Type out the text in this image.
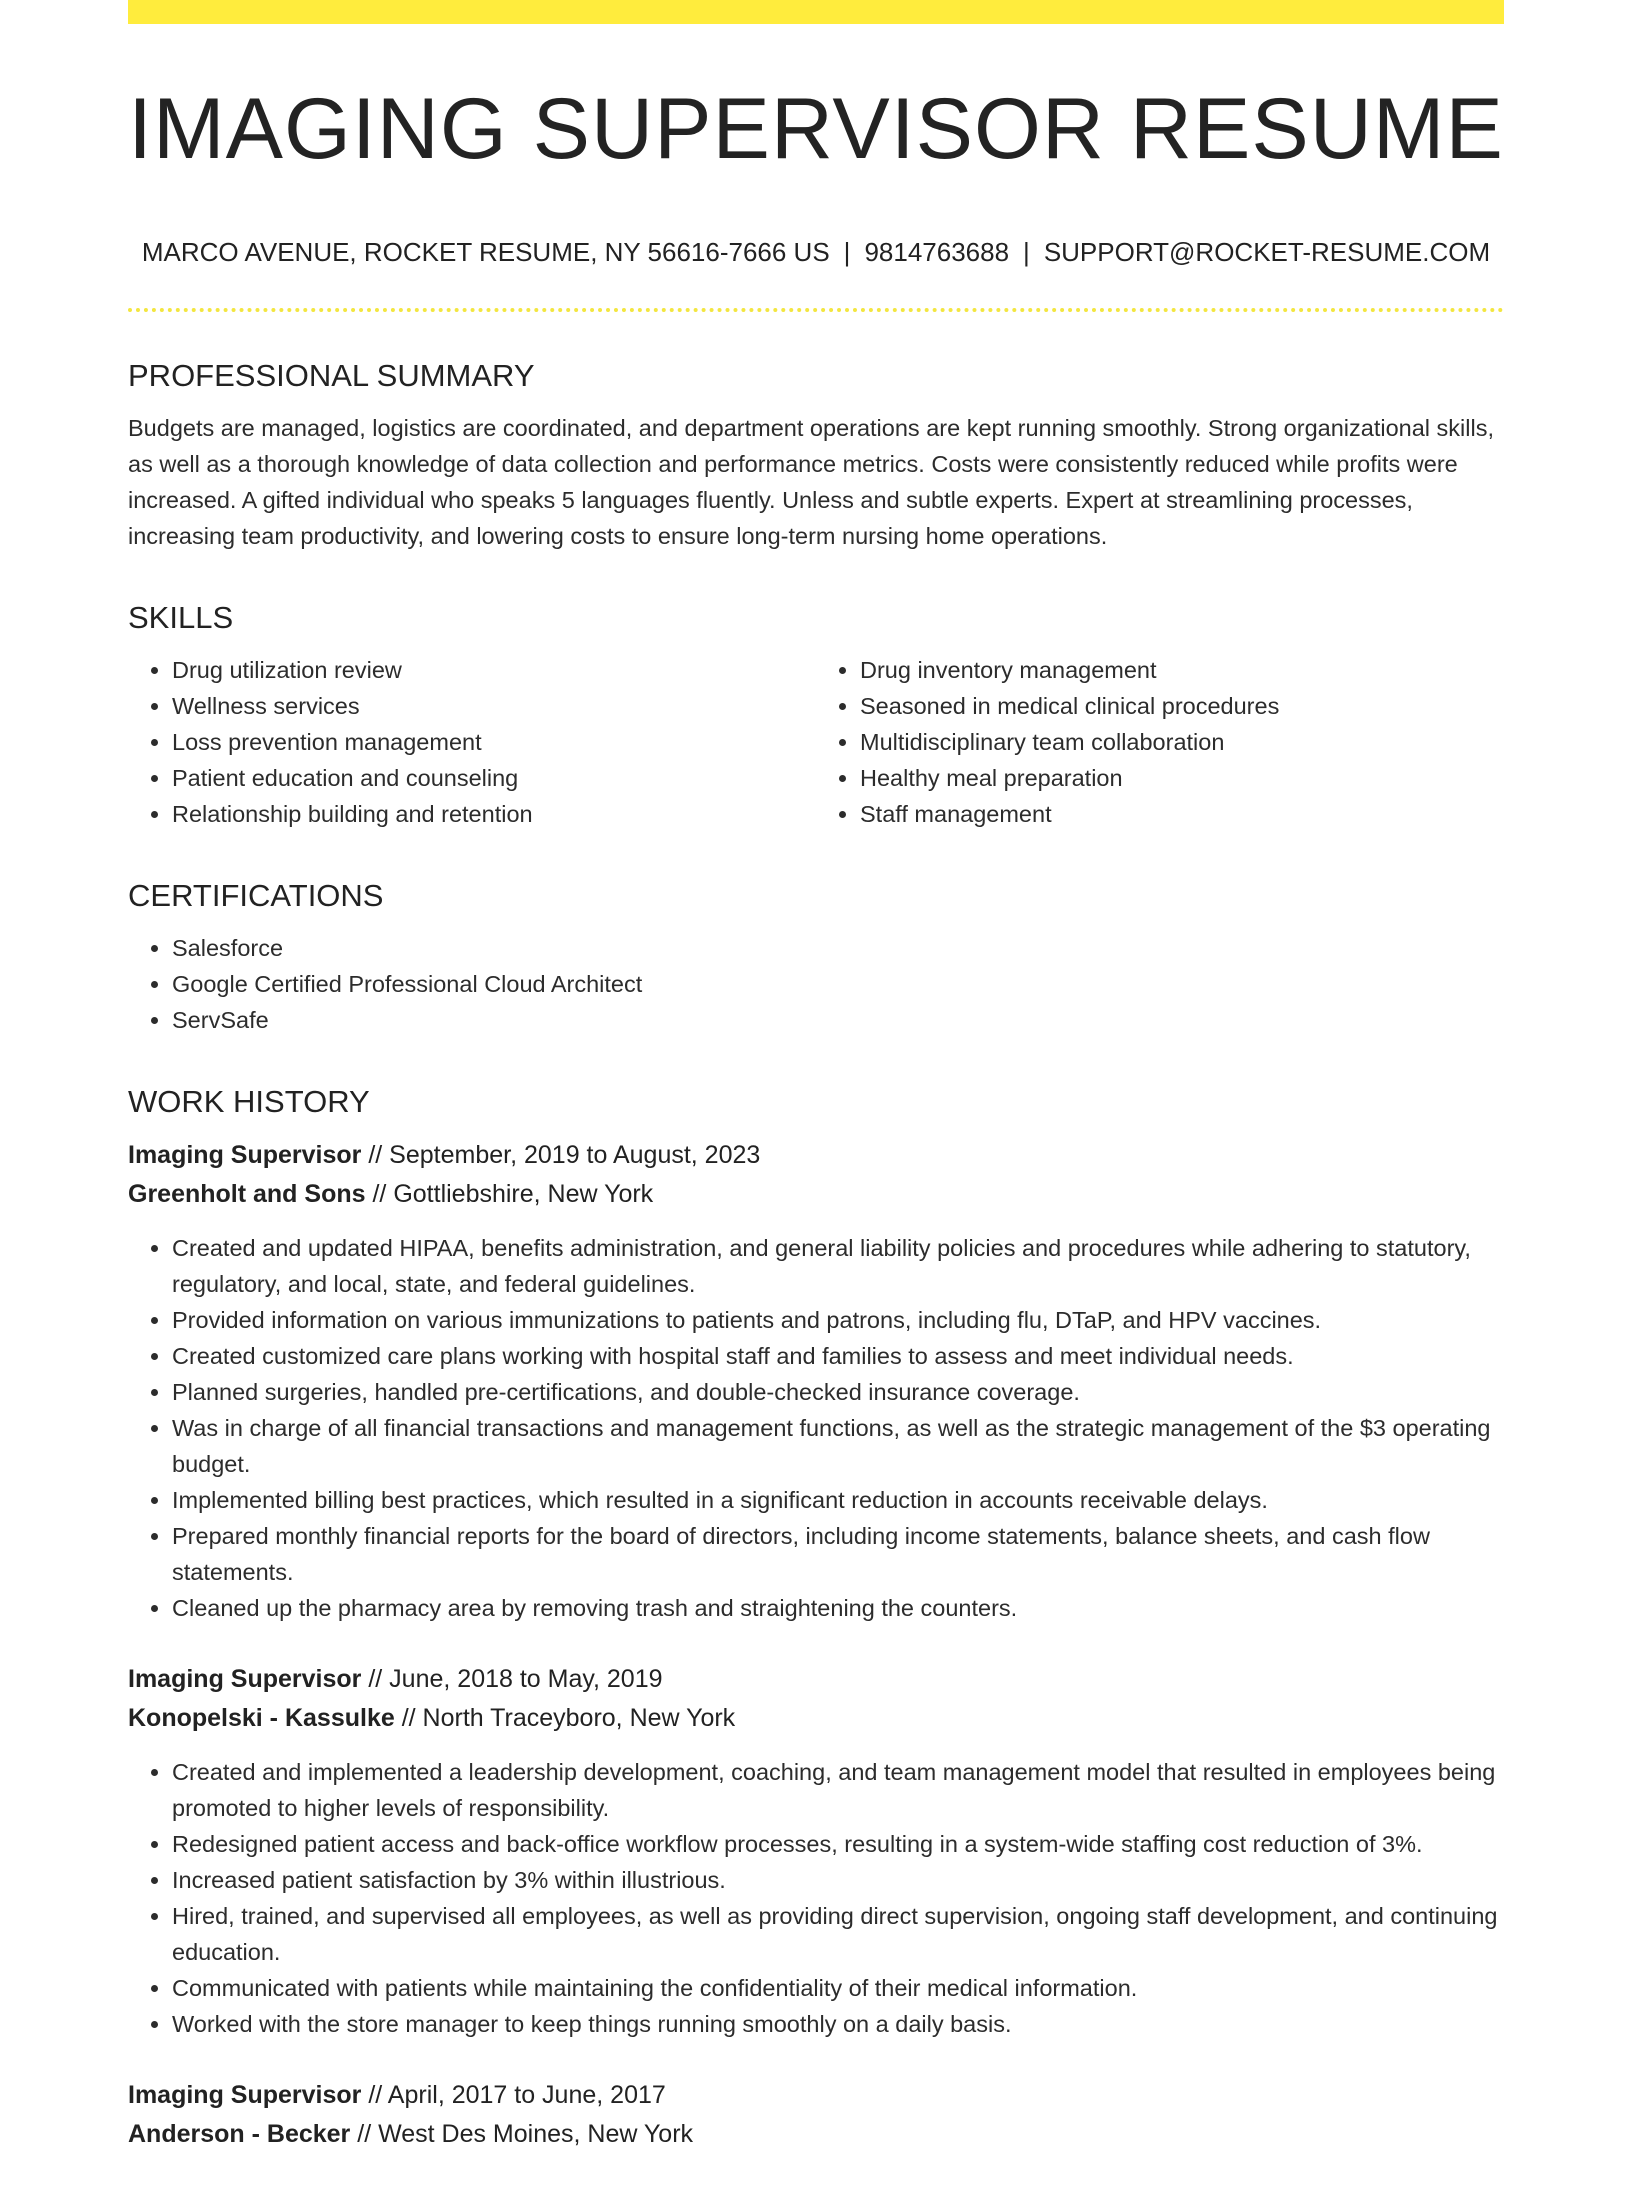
IMAGING SUPERVISOR RESUME
MARCO AVENUE, ROCKET RESUME, NY 56616-7666 US | 9814763688 | SUPPORT@ROCKET-RESUME.COM
PROFESSIONAL SUMMARY

Budgets are managed, logistics are coordinated, and department operations are kept running smoothly. Strong organizational skills, as well as a thorough knowledge of data collection and performance metrics. Costs were consistently reduced while profits were increased. A gifted individual who speaks 5 languages fluently. Unless and subtle experts. Expert at streamlining processes, increasing team productivity, and lowering costs to ensure long-term nursing home operations.

SKILLS
• Drug utilization review
• Wellness services
• Loss prevention management
• Patient education and counseling
• Relationship building and retention
• Drug inventory management
• Seasoned in medical clinical procedures
• Multidisciplinary team collaboration
• Healthy meal preparation
• Staff management
CERTIFICATIONS
• Salesforce
• Google Certified Professional Cloud Architect
• ServSafe
WORK HISTORY
Imaging Supervisor // September, 2019 to August, 2023
Greenholt and Sons // Gottliebshire, New York
• Created and updated HIPAA, benefits administration, and general liability policies and procedures while adhering to statutory, regulatory, and local, state, and federal guidelines.
• Provided information on various immunizations to patients and patrons, including flu, DTaP, and HPV vaccines.
• Created customized care plans working with hospital staff and families to assess and meet individual needs.
• Planned surgeries, handled pre-certifications, and double-checked insurance coverage.
• Was in charge of all financial transactions and management functions, as well as the strategic management of the $3 operating budget.
• Implemented billing best practices, which resulted in a significant reduction in accounts receivable delays.
• Prepared monthly financial reports for the board of directors, including income statements, balance sheets, and cash flow statements.
• Cleaned up the pharmacy area by removing trash and straightening the counters.
Imaging Supervisor // June, 2018 to May, 2019
Konopelski - Kassulke // North Traceyboro, New York
• Created and implemented a leadership development, coaching, and team management model that resulted in employees being promoted to higher levels of responsibility.
• Redesigned patient access and back-office workflow processes, resulting in a system-wide staffing cost reduction of 3%.
• Increased patient satisfaction by 3% within illustrious.
• Hired, trained, and supervised all employees, as well as providing direct supervision, ongoing staff development, and continuing education.
• Communicated with patients while maintaining the confidentiality of their medical information.
• Worked with the store manager to keep things running smoothly on a daily basis.
Imaging Supervisor // April, 2017 to June, 2017
Anderson - Becker // West Des Moines, New York
